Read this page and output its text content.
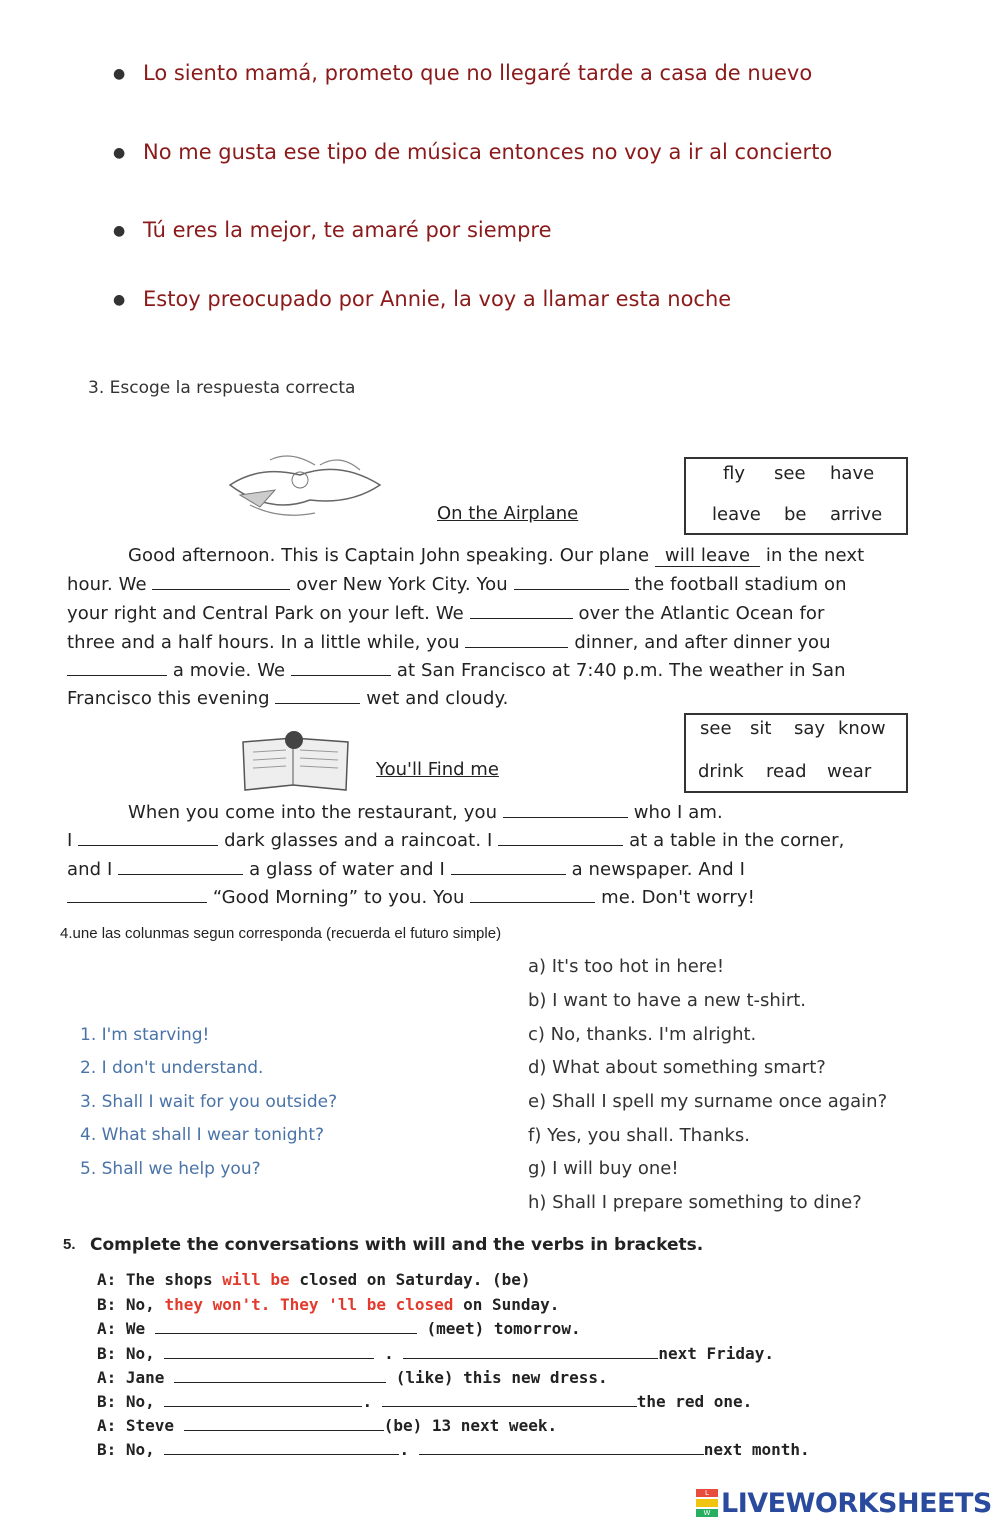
● Lo siento mamá, prometo que no llegaré tarde a casa de nuevo
● No me gusta ese tipo de música entonces no voy a ir al concierto
● Tú eres la mejor, te amaré por siempre
● Estoy preocupado por Annie, la voy a llamar esta noche
3. Escoge la respuesta correcta
On the Airplane
fly see have
leave be arrive
Good afternoon. This is Captain John speaking. Our plane will leave in the next
hour. We	over New York City. You	the football stadium on
your right and Central Park on your left. We	over the Atlantic Ocean for
three and a half hours. In a little while, you	dinner, and after dinner you
a movie. We	at San Francisco at 7:40 p.m. The weather in San
Francisco this evening	wet and cloudy.
You'll Find me
see sit say know
drink read wear
When you come into the restaurant, you	who I am.
I	dark glasses and a raincoat. I	at a table in the corner,
and I	a glass of water and I	a newspaper. And I
“Good Morning” to you. You	me. Don't worry!
4.une las colunmas segun corresponda (recuerda el futuro simple)
a) It's too hot in here!
b) I want to have a new t-shirt.
c) No, thanks. I'm alright.
d) What about something smart?
e) Shall I spell my surname once again?
f) Yes, you shall. Thanks.
g) I will buy one!
h) Shall I prepare something to dine?
1. I'm starving!
2. I don't understand.
3. Shall I wait for you outside?
4. What shall I wear tonight?
5. Shall we help you?
5. Complete the conversations with will and the verbs in brackets.
A: The shops will be closed on Saturday. (be)
B: No, they won't. They 'll be closed on Sunday.
A: We	(meet) tomorrow.
B: No,	.	next Friday.
A: Jane	(like) this new dress.
B: No,	.	the red one.
A: Steve	(be) 13 next week.
B: No,	.	next month.
L
W LIVEWORKSHEETS
